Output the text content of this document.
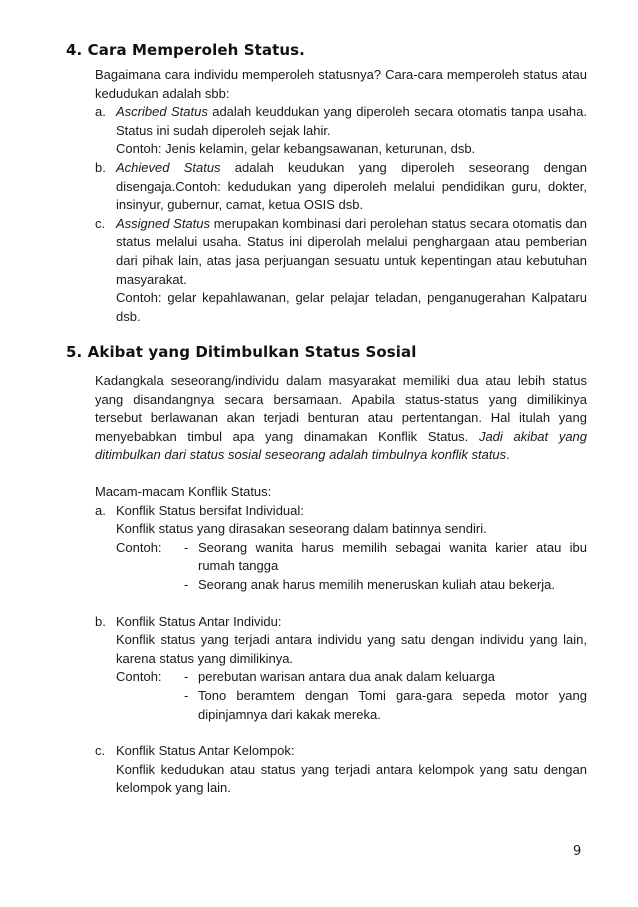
4. Cara Memperoleh Status.

Bagaimana cara individu memperoleh statusnya? Cara-cara memperoleh status atau kedudukan adalah sbb:

a. Ascribed Status adalah keuddukan yang diperoleh secara otomatis tanpa usaha. Status ini sudah diperoleh sejak lahir.

Contoh: Jenis kelamin, gelar kebangsawanan, keturunan, dsb.

b. Achieved Status adalah keudukan yang diperoleh seseorang dengan disengaja.Contoh: kedudukan yang diperoleh melalui pendidikan guru, dokter, insinyur, gubernur, camat, ketua OSIS dsb.

c. Assigned Status merupakan kombinasi dari perolehan status secara otomatis dan status melalui usaha. Status ini diperolah melalui penghargaan atau pemberian dari pihak lain, atas jasa perjuangan sesuatu untuk kepentingan atau kebutuhan masyarakat.

Contoh: gelar kepahlawanan, gelar pelajar teladan, penganugerahan Kalpataru dsb.

5. Akibat yang Ditimbulkan Status Sosial

Kadangkala seseorang/individu dalam masyarakat memiliki dua atau lebih status yang disandangnya secara bersamaan. Apabila status-status yang dimilikinya tersebut berlawanan akan terjadi benturan atau pertentangan. Hal itulah yang menyebabkan timbul apa yang dinamakan Konflik Status. Jadi akibat yang ditimbulkan dari status sosial seseorang adalah timbulnya konflik status.

Macam-macam Konflik Status:

a. Konflik Status bersifat Individual:

Konflik status yang dirasakan seseorang dalam batinnya sendiri.

Contoh: - Seorang wanita harus memilih sebagai wanita karier atau ibu rumah tangga

- Seorang anak harus memilih meneruskan kuliah atau bekerja.

b. Konflik Status Antar Individu:

Konflik status yang terjadi antara individu yang satu dengan individu yang lain, karena status yang dimilikinya.

Contoh: - perebutan warisan antara dua anak dalam keluarga

- Tono beramtem dengan Tomi gara-gara sepeda motor yang dipinjamnya dari kakak mereka.

c. Konflik Status Antar Kelompok:

Konflik kedudukan atau status yang terjadi antara kelompok yang satu dengan kelompok yang lain.

9
